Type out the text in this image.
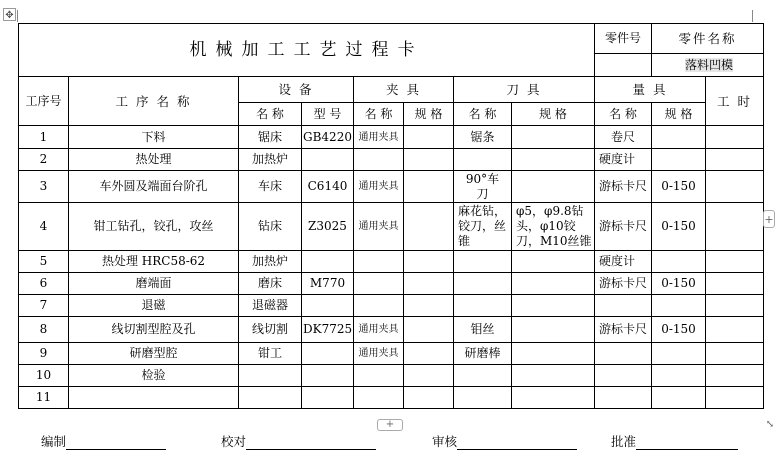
✥
机械加工工艺过程卡								零件号	零件名称	
									落料凹模	
工序号	工 序 名 称	设 备		夹 具		刀 具		量 具		工 时
		名 称	型 号	名 称	规 格	名 称	规 格	名 称	规 格	
1	下料	锯床	GB4220	通用夹具		锯条		卷尺		
2	热处理	加热炉						硬度计		
3	车外圆及端面台阶孔	车床	C6140	通用夹具		90°车刀		游标卡尺	0-150	
4	钳工钻孔，铰孔，攻丝	钻床	Z3025	通用夹具		麻花钻，铰刀，丝锥	φ5，φ9.8钻头，φ10铰刀，M10丝锥	游标卡尺	0-150	
5	热处理 HRC58-62	加热炉						硬度计		
6	磨端面	磨床	M770					游标卡尺	0-150	
7	退磁	退磁器								
8	线切割型腔及孔	线切割	DK7725	通用夹具		钼丝		游标卡尺	0-150	
9	研磨型腔	钳工		通用夹具		研磨棒				
10	检验									
11										
+
+	⤡
编制	校对	审核	批准
